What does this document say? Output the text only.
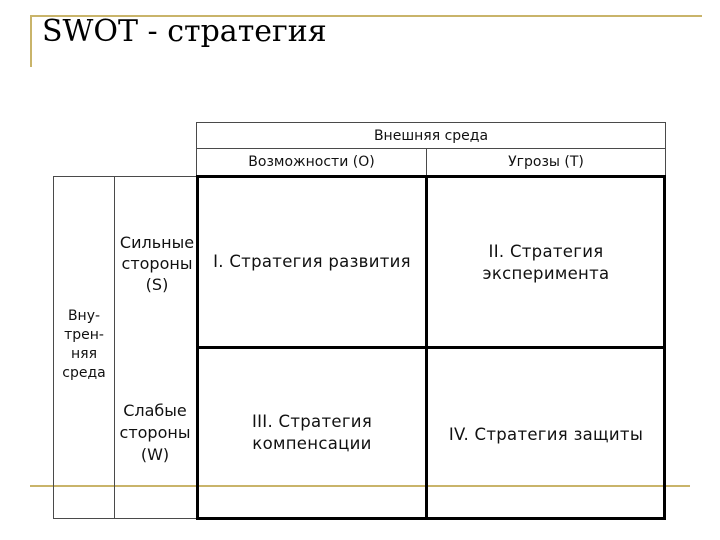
SWOT - стратегия
Внешняя среда
Возможности (O)	Угрозы (T)
Вну-
трен-
няя
среда
Сильные
стороны
(S)
Слабые
стороны
(W)
I. Стратегия развития
II. Стратегия
эксперимента
III. Стратегия
компенсации	IV. Стратегия защиты
